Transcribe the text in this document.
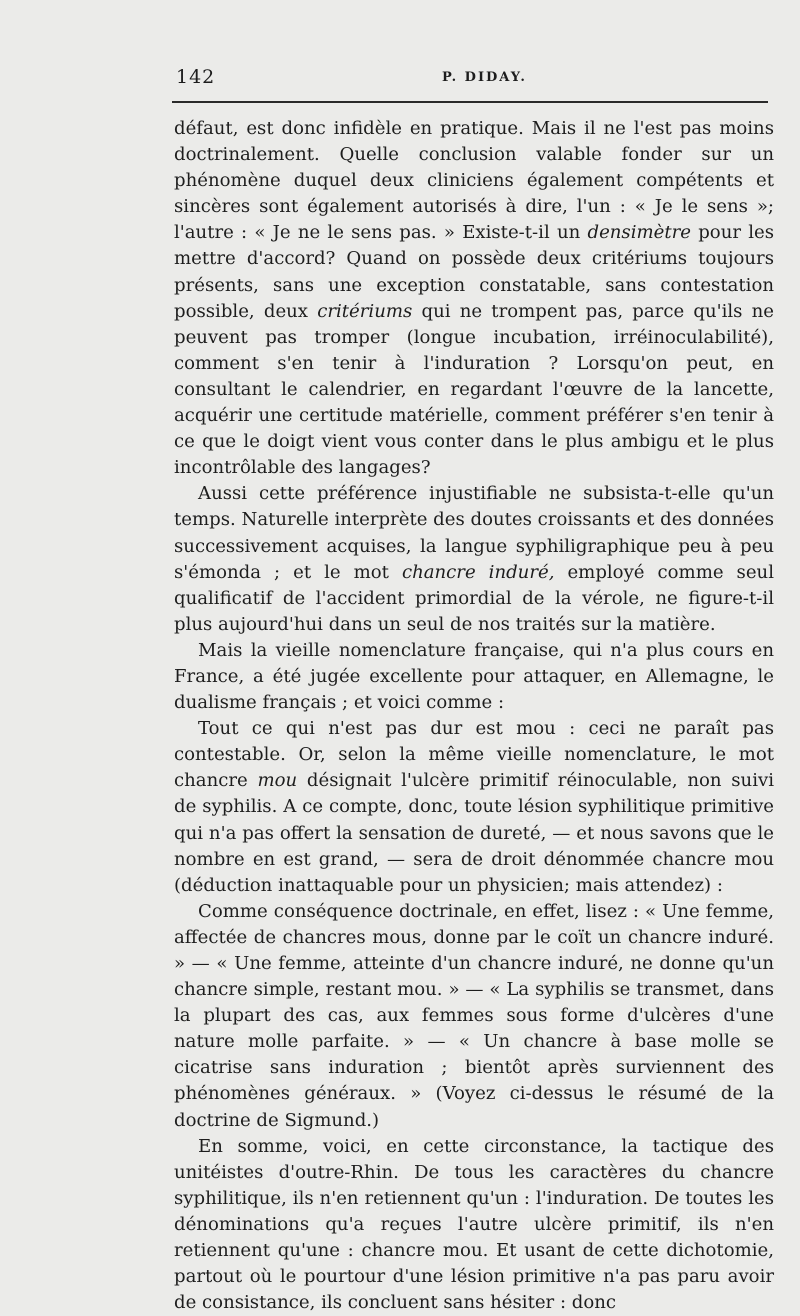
142	P. DIDAY.

défaut, est donc infidèle en pratique. Mais il ne l'est pas moins doctrinalement. Quelle conclusion valable fonder sur un phénomène duquel deux cliniciens également compétents et sincères sont également autorisés à dire, l'un : « Je le sens »; l'autre : « Je ne le sens pas. » Existe-t-il un densimètre pour les mettre d'accord? Quand on possède deux critériums toujours présents, sans une exception constatable, sans contestation possible, deux critériums qui ne trompent pas, parce qu'ils ne peuvent pas tromper (longue incubation, irréinoculabilité), comment s'en tenir à l'induration ? Lorsqu'on peut, en consultant le calendrier, en regardant l'œuvre de la lancette, acquérir une certitude matérielle, comment préférer s'en tenir à ce que le doigt vient vous conter dans le plus ambigu et le plus incontrôlable des langages?

Aussi cette préférence injustifiable ne subsista-t-elle qu'un temps. Naturelle interprète des doutes croissants et des données successivement acquises, la langue syphiligraphique peu à peu s'émonda ; et le mot chancre induré, employé comme seul qualificatif de l'accident primordial de la vérole, ne figure-t-il plus aujourd'hui dans un seul de nos traités sur la matière.

Mais la vieille nomenclature française, qui n'a plus cours en France, a été jugée excellente pour attaquer, en Allemagne, le dualisme français ; et voici comme :

Tout ce qui n'est pas dur est mou : ceci ne paraît pas contestable. Or, selon la même vieille nomenclature, le mot chancre mou désignait l'ulcère primitif réinoculable, non suivi de syphilis. A ce compte, donc, toute lésion syphilitique primitive qui n'a pas offert la sensation de dureté, — et nous savons que le nombre en est grand, — sera de droit dénommée chancre mou (déduction inattaquable pour un physicien; mais attendez) :

Comme conséquence doctrinale, en effet, lisez : « Une femme, affectée de chancres mous, donne par le coït un chancre induré. » — « Une femme, atteinte d'un chancre induré, ne donne qu'un chancre simple, restant mou. » — « La syphilis se transmet, dans la plupart des cas, aux femmes sous forme d'ulcères d'une nature molle parfaite. » — « Un chancre à base molle se cicatrise sans induration ; bientôt après surviennent des phénomènes généraux. » (Voyez ci-dessus le résumé de la doctrine de Sigmund.)

En somme, voici, en cette circonstance, la tactique des unitéistes d'outre-Rhin. De tous les caractères du chancre syphilitique, ils n'en retiennent qu'un : l'induration. De toutes les dénominations qu'a reçues l'autre ulcère primitif, ils n'en retiennent qu'une : chancre mou. Et usant de cette dichotomie, partout où le pourtour d'une lésion primitive n'a pas paru avoir de consistance, ils concluent sans hésiter : donc
